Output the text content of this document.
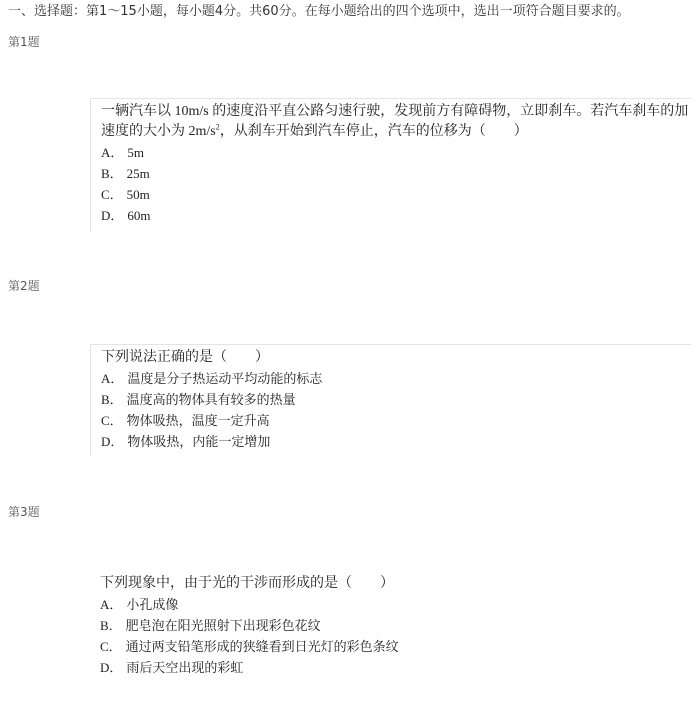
一、选择题：第1～15小题，每小题4分。共60分。在每小题给出的四个选项中，选出一项符合题目要求的。
第1题
一辆汽车以 10m/s 的速度沿平直公路匀速行驶，发现前方有障碍物，立即刹车。若汽车刹车的加速度的大小为 $2m/s^2$，从刹车开始到汽车停止，汽车的位移为（　　）
A． 5m
B． 25m
C． 50m
D． 60m
第2题
下列说法正确的是（　　）
A． 温度是分子热运动平均动能的标志
B． 温度高的物体具有较多的热量
C． 物体吸热，温度一定升高
D． 物体吸热，内能一定增加
第3题
下列现象中，由于光的干涉而形成的是（　　）
A． 小孔成像
B． 肥皂泡在阳光照射下出现彩色花纹
C． 通过两支铅笔形成的狭缝看到日光灯的彩色条纹
D． 雨后天空出现的彩虹
